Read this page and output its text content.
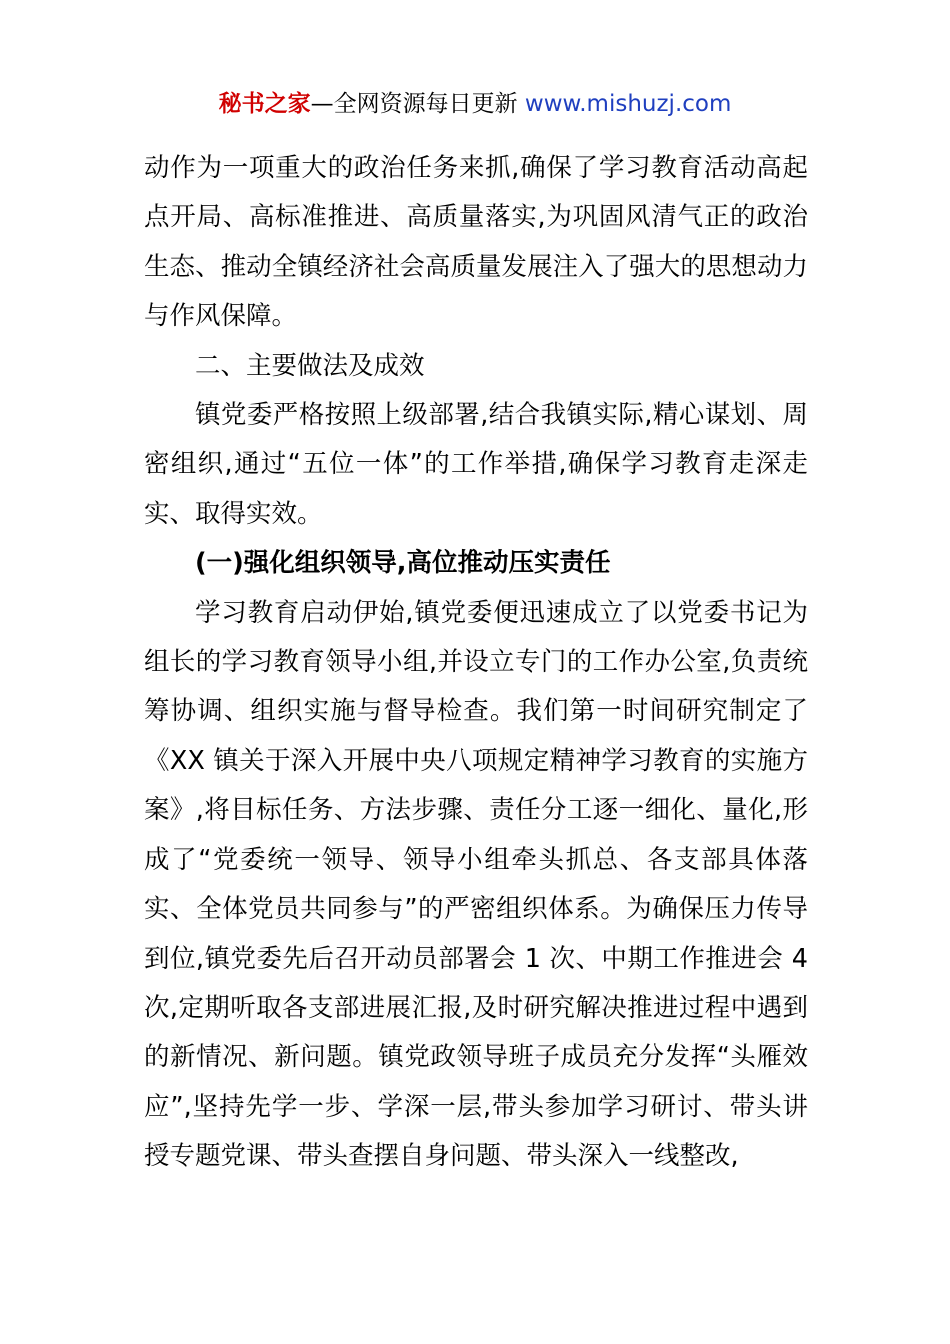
秘书之家—全网资源每日更新 www.mishuzj.com

动作为一项重大的政治任务来抓,确保了学习教育活动高起点开局、高标准推进、高质量落实,为巩固风清气正的政治生态、推动全镇经济社会高质量发展注入了强大的思想动力与作风保障。

二、主要做法及成效

镇党委严格按照上级部署,结合我镇实际,精心谋划、周密组织,通过“五位一体”的工作举措,确保学习教育走深走实、取得实效。

(一)强化组织领导,高位推动压实责任

学习教育启动伊始,镇党委便迅速成立了以党委书记为组长的学习教育领导小组,并设立专门的工作办公室,负责统筹协调、组织实施与督导检查。我们第一时间研究制定了《XX 镇关于深入开展中央八项规定精神学习教育的实施方案》,将目标任务、方法步骤、责任分工逐一细化、量化,形成了“党委统一领导、领导小组牵头抓总、各支部具体落实、全体党员共同参与”的严密组织体系。为确保压力传导到位,镇党委先后召开动员部署会 1 次、中期工作推进会 4 次,定期听取各支部进展汇报,及时研究解决推进过程中遇到的新情况、新问题。镇党政领导班子成员充分发挥“头雁效应”,坚持先学一步、学深一层,带头参加学习研讨、带头讲授专题党课、带头查摆自身问题、带头深入一线整改,
